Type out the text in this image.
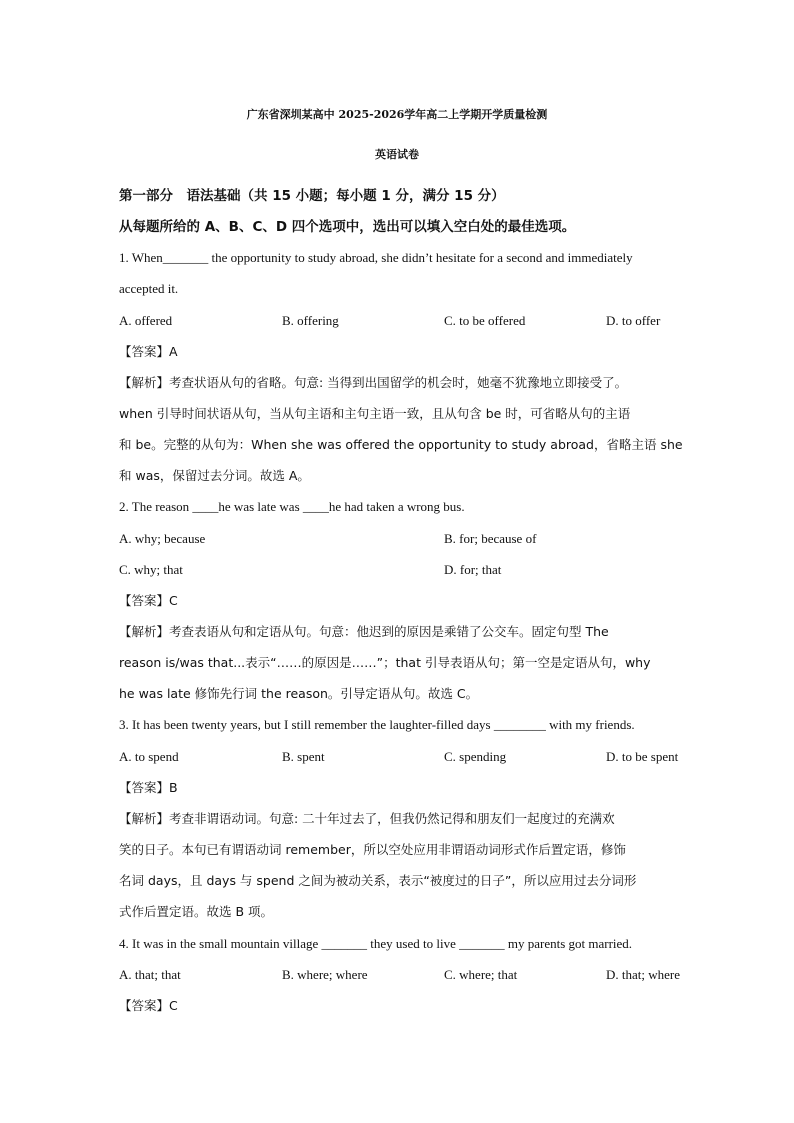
广东省深圳某高中 2025-2026学年高二上学期开学质量检测
英语试卷
第一部分　语法基础（共 15 小题；每小题 1 分，满分 15 分）
从每题所给的 A、B、C、D 四个选项中，选出可以填入空白处的最佳选项。
1. When_______ the opportunity to study abroad, she didn’t hesitate for a second and immediately
accepted it.
A. offered	B. offering	C. to be offered	D. to offer
【答案】A
【解析】考查状语从句的省略。句意: 当得到出国留学的机会时，她毫不犹豫地立即接受了。
when 引导时间状语从句，当从句主语和主句主语一致，且从句含 be 时，可省略从句的主语
和 be。完整的从句为：When she was offered the opportunity to study abroad，省略主语 she
和 was，保留过去分词。故选 A。
2. The reason ____he was late was ____he had taken a wrong bus.
A. why; because	B. for; because of
C. why; that	D. for; that
【答案】C
【解析】考查表语从句和定语从句。句意：他迟到的原因是乘错了公交车。固定句型 The
reason is/was that...表示“……的原因是……”；that 引导表语从句；第一空是定语从句，why
he was late 修饰先行词 the reason。引导定语从句。故选 C。
3. It has been twenty years, but I still remember the laughter-filled days ________ with my friends.
A. to spend	B. spent	C. spending	D. to be spent
【答案】B
【解析】考查非谓语动词。句意: 二十年过去了，但我仍然记得和朋友们一起度过的充满欢
笑的日子。本句已有谓语动词 remember，所以空处应用非谓语动词形式作后置定语，修饰
名词 days，且 days 与 spend 之间为被动关系，表示“被度过的日子”，所以应用过去分词形
式作后置定语。故选 B 项。
4. It was in the small mountain village _______ they used to live _______ my parents got married.
A. that; that	B. where; where	C. where; that	D. that; where
【答案】C
